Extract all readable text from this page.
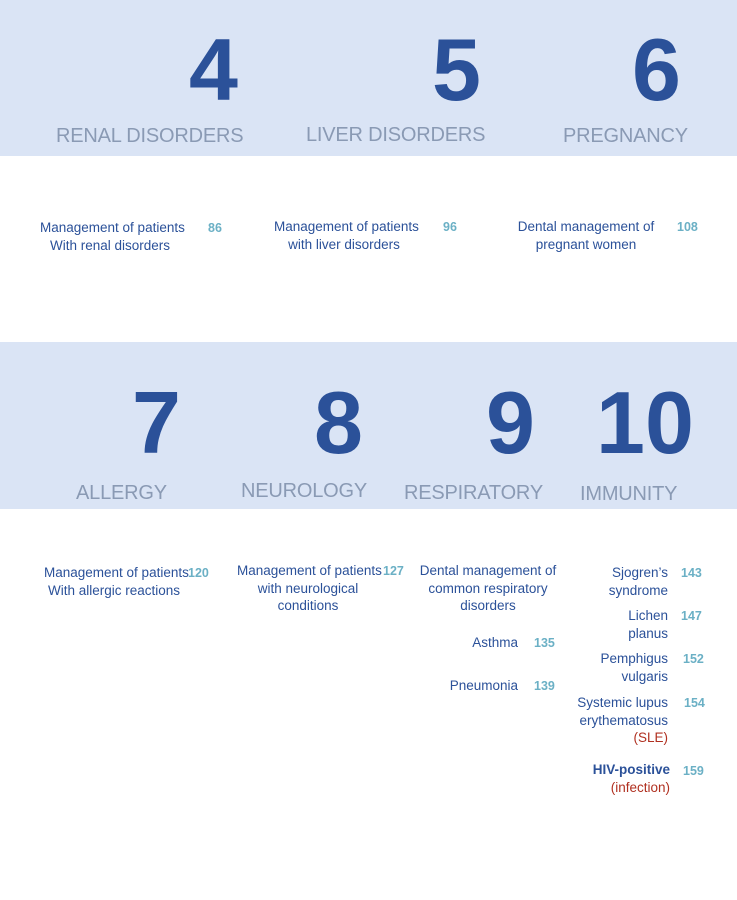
4
RENAL DISORDERS
5
LIVER DISORDERS
6
PREGNANCY
Management of patients
With renal disorders
86	Management of patients
with liver disorders
96	Dental management of
pregnant women
108
7
ALLERGY
8
NEUROLOGY
9
RESPIRATORY
10
IMMUNITY
Management of patients
With allergic reactions
120 Management of patients
with neurological
conditions
127 Dental management of
common respiratory
disorders
Asthma 135
Pneumonia 139
Sjogren’s
syndrome
143
Lichen
planus
147
Pemphigus
vulgaris
152
Systemic lupus
erythematosus
(SLE)
154
HIV-positive
(infection)
159
